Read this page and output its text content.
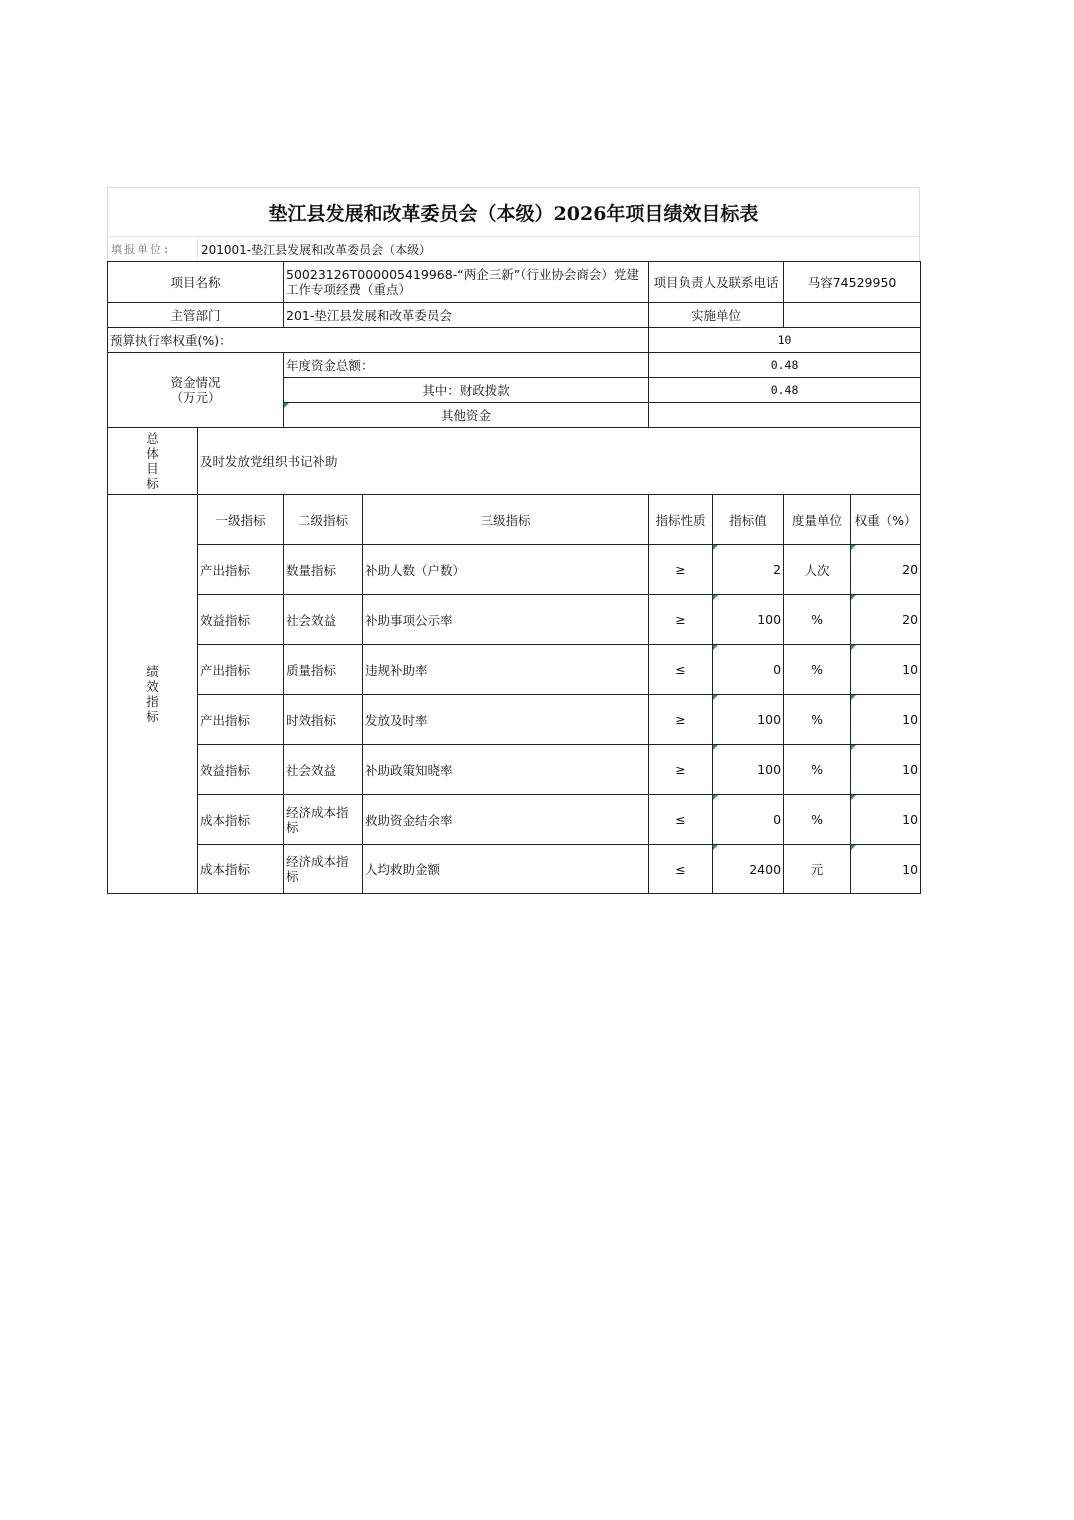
垫江县发展和改革委员会（本级）2026年项目绩效目标表
填报单位:	201001-垫江县发展和改革委员会（本级）
项目名称		50023126T000005419968-“两企三新”（行业协会商会）党建工作专项经费（重点）		项目负责人及联系电话		马容74529950	
主管部门		201-垫江县发展和改革委员会		实施单位			
预算执行率权重(%)：				10			

资金情况
（万元）		年度资金总额：		0.48			
		其中：财政拨款		0.48			
		其他资金					

总
体
目
标	及时发放党组织书记补助						

绩
效
指
标	一级指标	二级指标	三级指标	指标性质	指标值	度量单位	权重（%）
	产出指标	数量指标	补助人数（户数）	≥	2	人次	20
	效益指标	社会效益	补助事项公示率	≥	100	%	20
	产出指标	质量指标	违规补助率	≤	0	%	10
	产出指标	时效指标	发放及时率	≥	100	%	10
	效益指标	社会效益	补助政策知晓率	≥	100	%	10
	成本指标	经济成本指标	救助资金结余率	≤	0	%	10
	成本指标	经济成本指标	人均救助金额	≤	2400	元	10
